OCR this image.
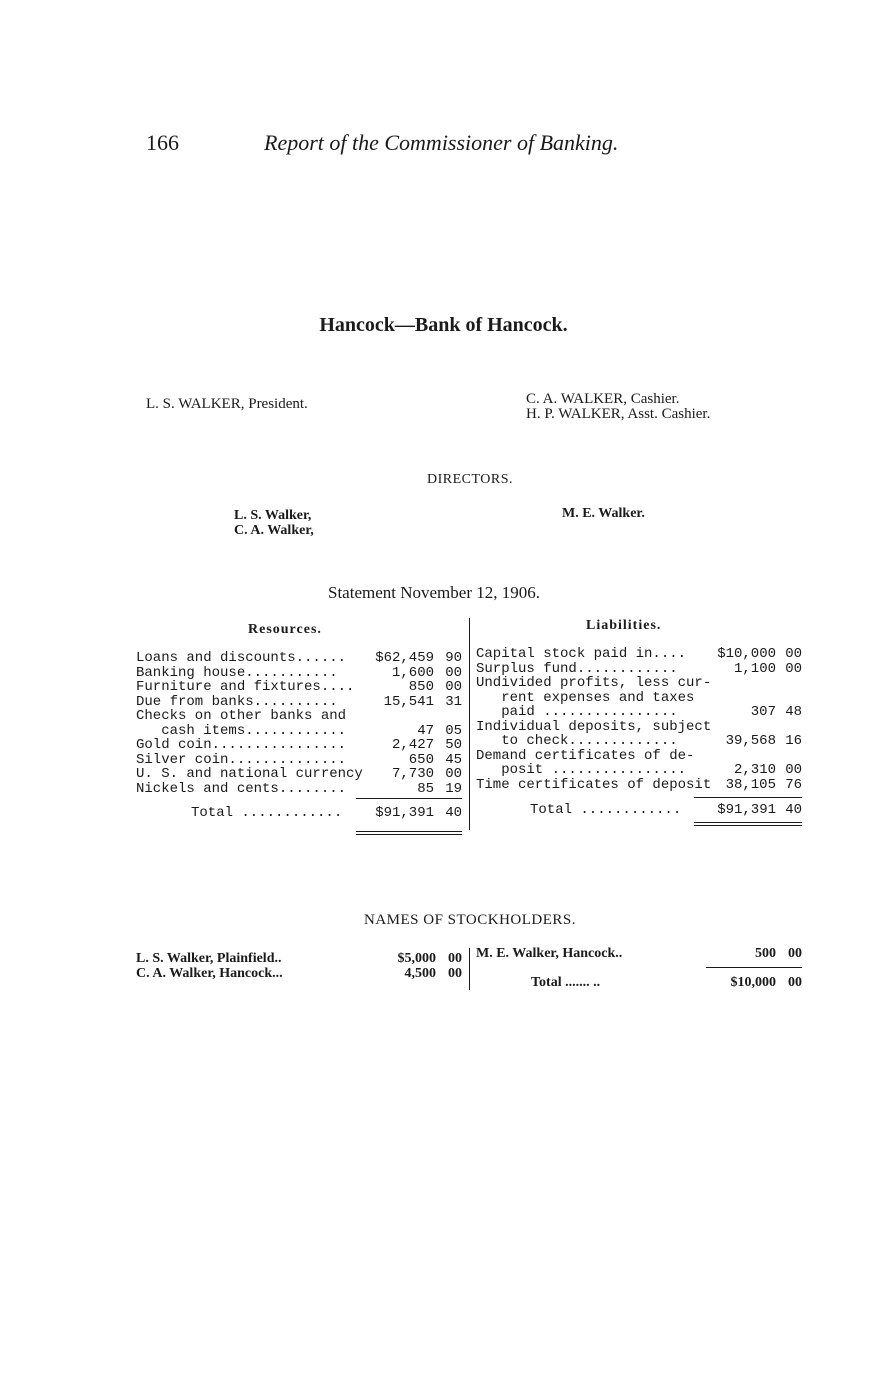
166	Report of the Commissioner of Banking.
Hancock—Bank of Hancock.
L. S. WALKER, President.	C. A. WALKER, Cashier.
H. P. WALKER, Asst. Cashier.
DIRECTORS.
L. S. Walker,
C. A. Walker,
M. E. Walker.
Statement November 12, 1906.
Resources.	Liabilities.
Loans and discounts...... $62,459 90
Banking house...........	1,600 00
Furniture and fixtures....	850 00
Due from banks..........	15,541 31
Checks on other banks and
cash items............	47 05
Gold coin................	2,427 50
Silver coin..............	650 45
U. S. and national currency 7,730 00
Nickels and cents........	85 19
Total ............ $91,391 40
Capital stock paid in.... $10,000 00
Surplus fund............	1,100 00
Undivided profits, less cur-
rent expenses and taxes
paid ................	307 48
Individual deposits, subject
to check.............	39,568 16
Demand certificates of de-
posit ................	2,310 00
Time certificates of deposit 38,105 76
Total ............	$91,391 40
NAMES OF STOCKHOLDERS.
L. S. Walker, Plainfield..	$5,000 00
C. A. Walker, Hancock...	4,500 00
M. E. Walker, Hancock..	500 00
Total ....... ..	$10,000 00
